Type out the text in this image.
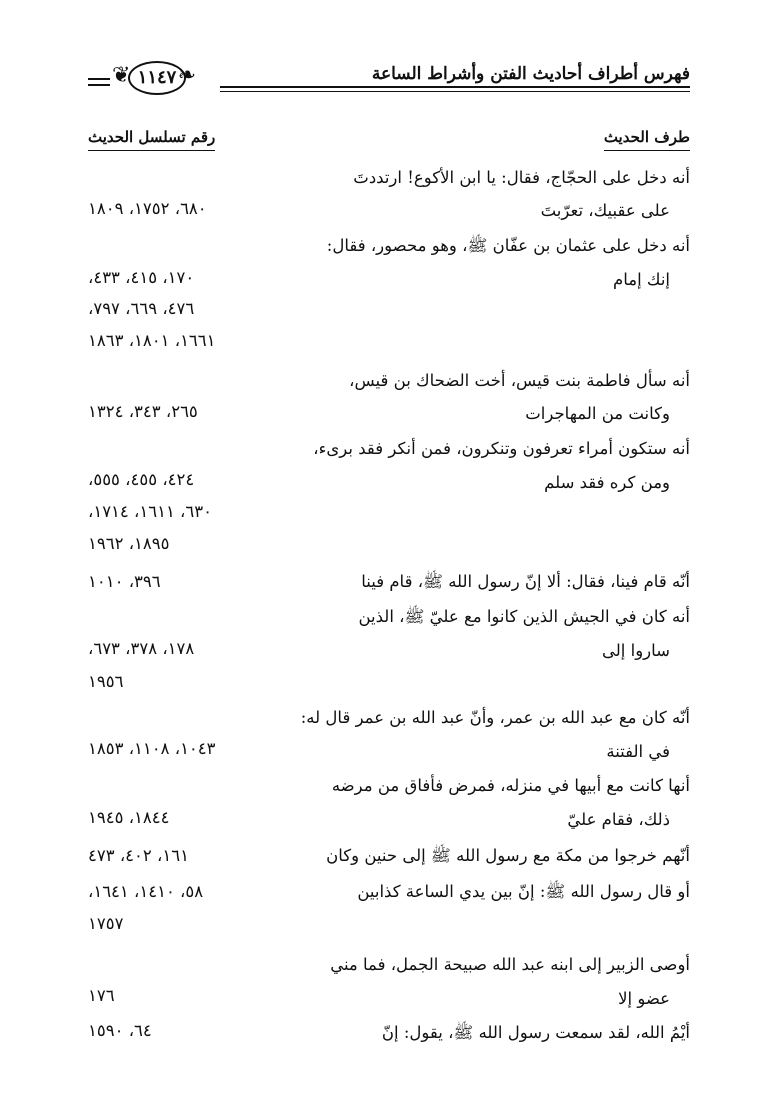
فهرس أطراف أحاديث الفتن وأشراط الساعة
❦ ١١٤٧ ❧
طرف الحديث
رقم تسلسل الحديث
أنه دخل على الحجّاج، فقال: يا ابن الأكوع! ارتددتَ
على عقبيك، تعرّبتَ
٦٨٠، ١٧٥٢، ١٨٠٩
أنه دخل على عثمان بن عفّان ﷺ، وهو محصور، فقال:
إنك إمام
١٧٠، ٤١٥، ٤٣٣،
٤٧٦، ٦٦٩، ٧٩٧،
١٦٦١، ١٨٠١، ١٨٦٣
أنه سأل فاطمة بنت قيس، أخت الضحاك بن قيس،
وكانت من المهاجرات
٢٦٥، ٣٤٣، ١٣٢٤
أنه ستكون أمراء تعرفون وتنكرون، فمن أنكر فقد برىء،
ومن كره فقد سلم
٤٢٤، ٤٥٥، ٥٥٥،
٦٣٠، ١٦١١، ١٧١٤،
١٨٩٥، ١٩٦٢
أنّه قام فينا، فقال: ألا إنّ رسول الله ﷺ، قام فينا
٣٩٦، ١٠١٠
أنه كان في الجيش الذين كانوا مع عليّ ﷺ، الذين
ساروا إلى
١٧٨، ٣٧٨، ٦٧٣،
١٩٥٦
أنّه كان مع عبد الله بن عمر، وأنّ عبد الله بن عمر قال له:
في الفتنة
١٠٤٣، ١١٠٨، ١٨٥٣
أنها كانت مع أبيها في منزله، فمرض فأفاق من مرضه
ذلك، فقام عليّ
١٨٤٤، ١٩٤٥
أنّهم خرجوا من مكة مع رسول الله ﷺ إلى حنين وكان
١٦١، ٤٠٢، ٤٧٣
أو قال رسول الله ﷺ: إنّ بين يدي الساعة كذابين
٥٨، ١٤١٠، ١٦٤١،
١٧٥٧
أوصى الزبير إلى ابنه عبد الله صبيحة الجمل، فما مني
عضو إلا
١٧٦
أيْمُ الله، لقد سمعت رسول الله ﷺ، يقول: إنّ
٦٤، ١٥٩٠
